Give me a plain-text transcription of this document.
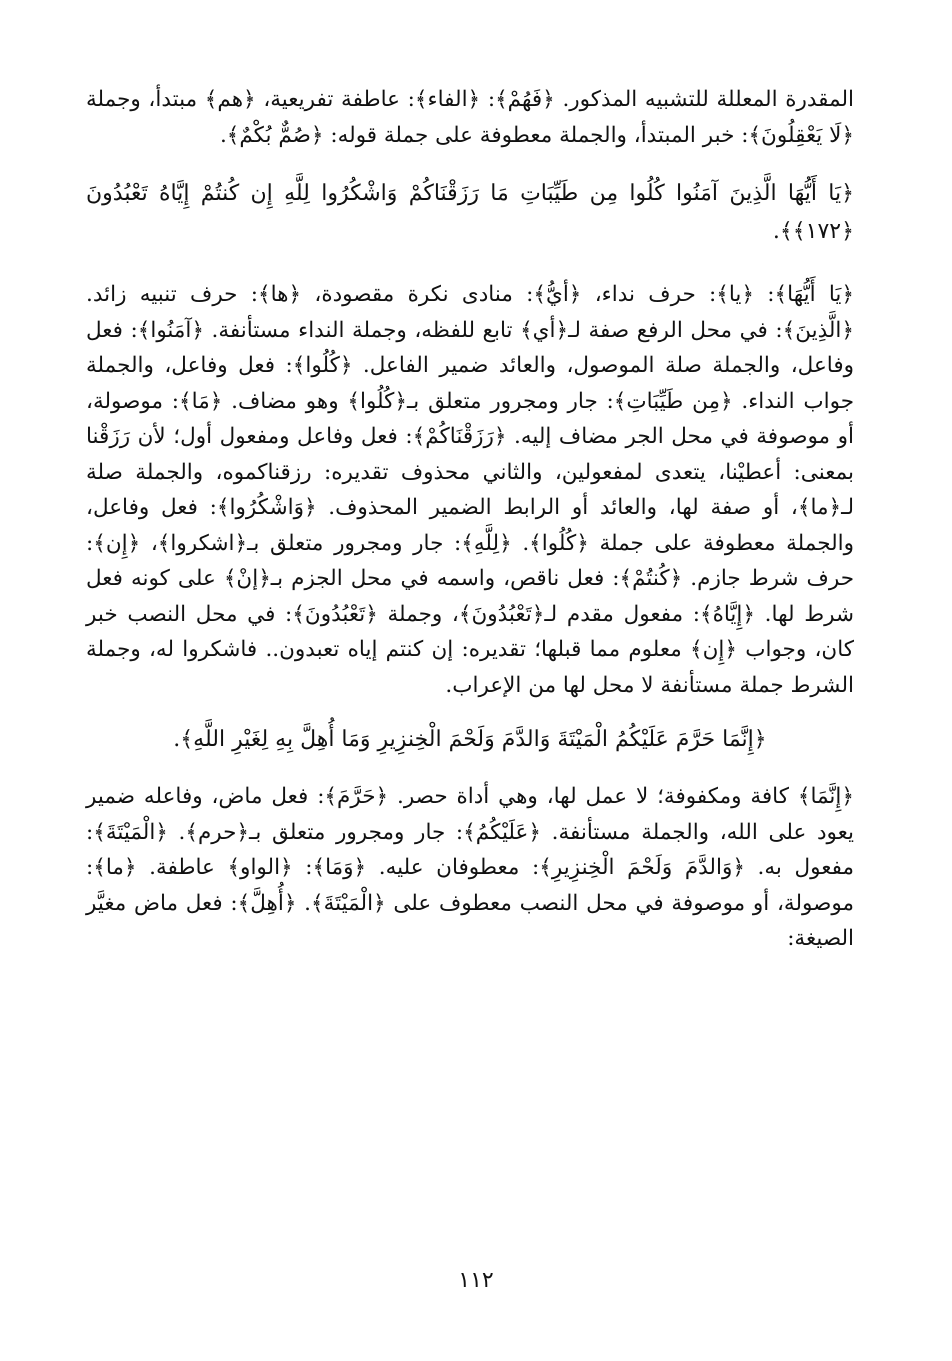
المقدرة المعللة للتشبيه المذكور. ﴿فَهُمْ﴾: ﴿الفاء﴾: عاطفة تفريعية، ﴿هم﴾ مبتدأ، وجملة ﴿لَا يَعْقِلُونَ﴾: خبر المبتدأ، والجملة معطوفة على جملة قوله: ﴿صُمٌّ بُكْمٌ﴾.

﴿يَا أَيُّهَا الَّذِينَ آمَنُوا كُلُوا مِن طَيِّبَاتِ مَا رَزَقْنَاكُمْ وَاشْكُرُوا لِلَّهِ إِن كُنتُمْ إِيَّاهُ تَعْبُدُونَ ﴿١٧٢﴾﴾.

﴿يَا أَيُّهَا﴾: ﴿يا﴾: حرف نداء، ﴿أيُّ﴾: منادى نكرة مقصودة، ﴿ها﴾: حرف تنبيه زائد. ﴿الَّذِينَ﴾: في محل الرفع صفة لـ﴿أي﴾ تابع للفظه، وجملة النداء مستأنفة. ﴿آمَنُوا﴾: فعل وفاعل، والجملة صلة الموصول، والعائد ضمير الفاعل. ﴿كُلُوا﴾: فعل وفاعل، والجملة جواب النداء. ﴿مِن طَيِّبَاتِ﴾: جار ومجرور متعلق بـ﴿كُلُوا﴾ وهو مضاف. ﴿مَا﴾: موصولة، أو موصوفة في محل الجر مضاف إليه. ﴿رَزَقْنَاكُمْ﴾: فعل وفاعل ومفعول أول؛ لأن رَزَقْنا بمعنى: أعطيْنا، يتعدى لمفعولين، والثاني محذوف تقديره: رزقناكموه، والجملة صلة لـ﴿ما﴾، أو صفة لها، والعائد أو الرابط الضمير المحذوف. ﴿وَاشْكُرُوا﴾: فعل وفاعل، والجملة معطوفة على جملة ﴿كُلُوا﴾. ﴿لِلَّهِ﴾: جار ومجرور متعلق بـ﴿اشكروا﴾، ﴿إِن﴾: حرف شرط جازم. ﴿كُنتُمْ﴾: فعل ناقص، واسمه في محل الجزم بـ﴿إنْ﴾ على كونه فعل شرط لها. ﴿إِيَّاهُ﴾: مفعول مقدم لـ﴿تَعْبُدُونَ﴾، وجملة ﴿تَعْبُدُونَ﴾: في محل النصب خبر كان، وجواب ﴿إِن﴾ معلوم مما قبلها؛ تقديره: إن كنتم إياه تعبدون.. فاشكروا له، وجملة الشرط جملة مستأنفة لا محل لها من الإعراب.

﴿إِنَّمَا حَرَّمَ عَلَيْكُمُ الْمَيْتَةَ وَالدَّمَ وَلَحْمَ الْخِنزِيرِ وَمَا أُهِلَّ بِهِ لِغَيْرِ اللَّهِ﴾.

﴿إِنَّمَا﴾ كافة ومكفوفة؛ لا عمل لها، وهي أداة حصر. ﴿حَرَّمَ﴾: فعل ماض، وفاعله ضمير يعود على الله، والجملة مستأنفة. ﴿عَلَيْكُمُ﴾: جار ومجرور متعلق بـ﴿حرم﴾. ﴿الْمَيْتَةَ﴾: مفعول به. ﴿وَالدَّمَ وَلَحْمَ الْخِنزِيرِ﴾: معطوفان عليه. ﴿وَمَا﴾: ﴿الواو﴾ عاطفة. ﴿ما﴾: موصولة، أو موصوفة في محل النصب معطوف على ﴿الْمَيْتَةَ﴾. ﴿أُهِلَّ﴾: فعل ماض مغيَّر الصيغة:

١١٢
